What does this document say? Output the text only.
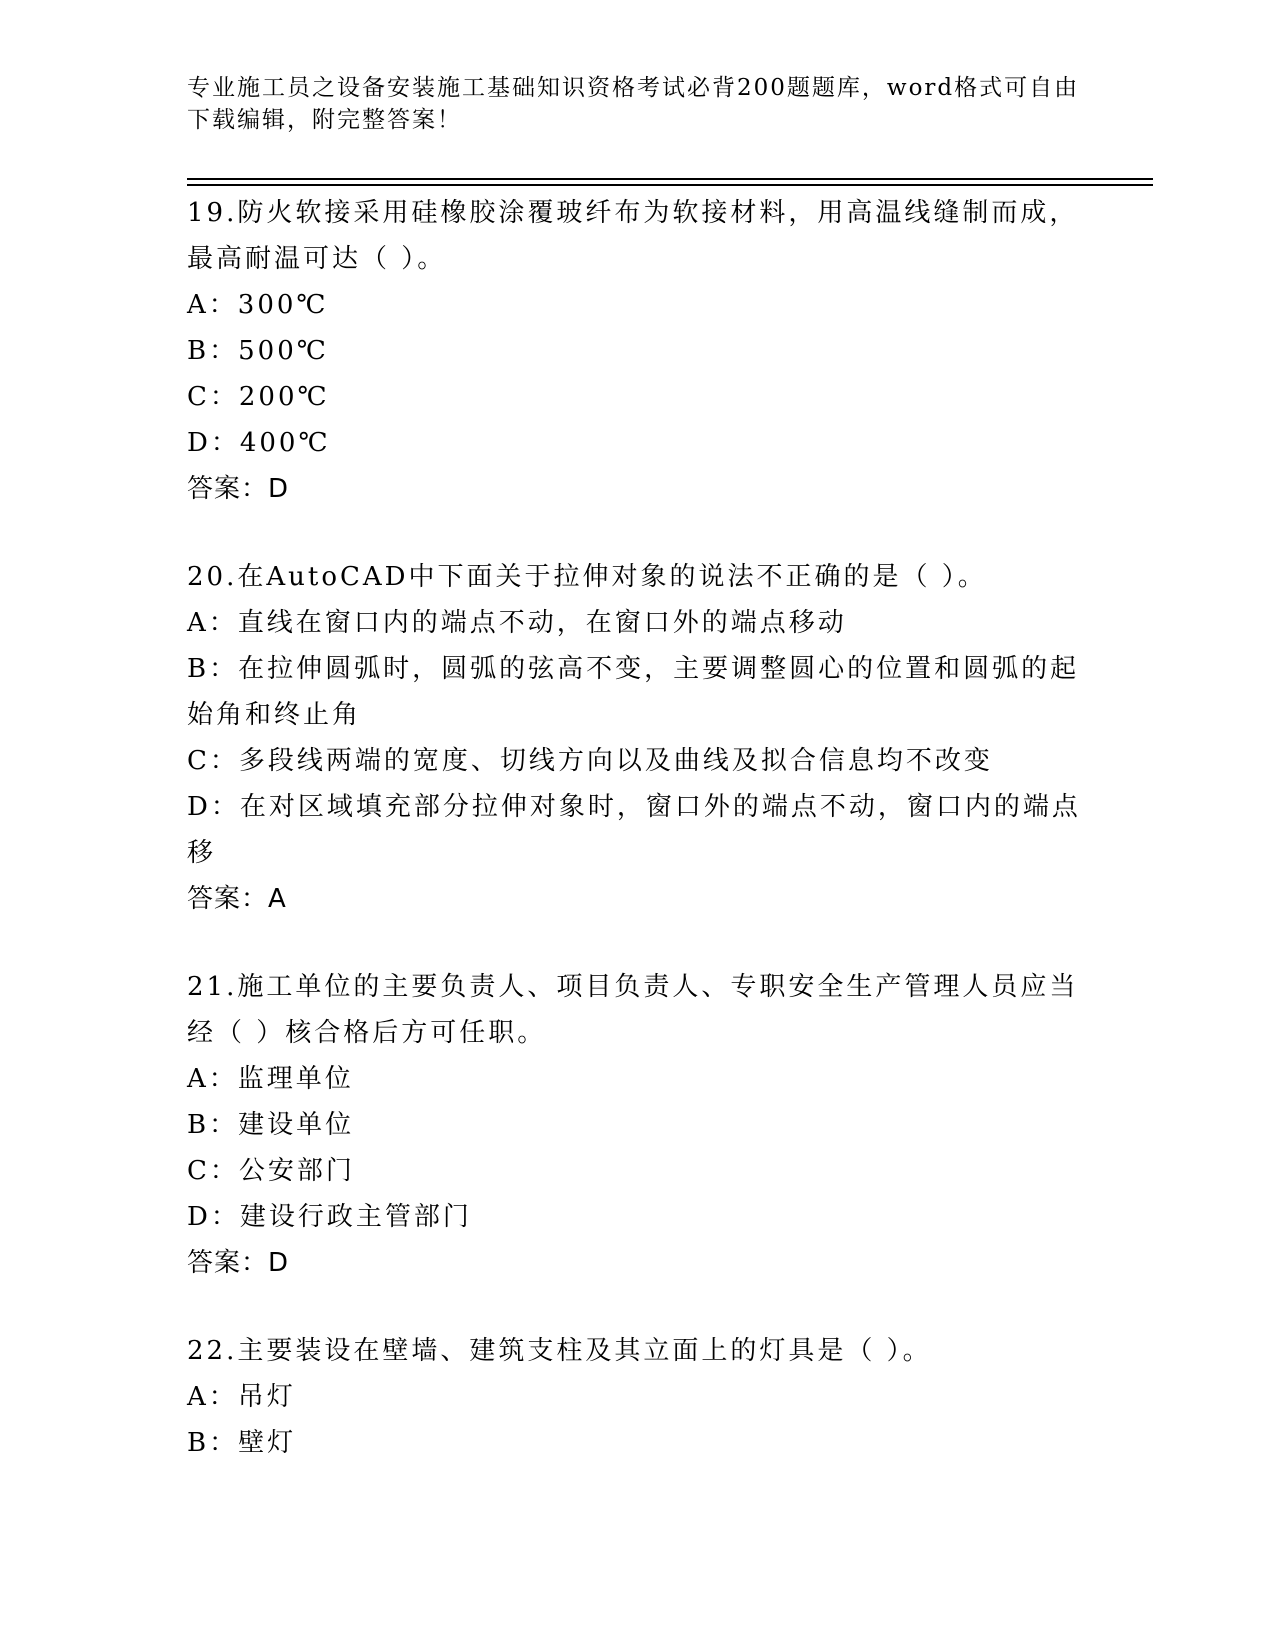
专业施工员之设备安装施工基础知识资格考试必背200题题库，word格式可自由
下载编辑，附完整答案！

19.防火软接采用硅橡胶涂覆玻纤布为软接材料，用高温线缝制而成，

最高耐温可达（ ）。

A：300℃

B：500℃

C：200℃

D：400℃

答案：D

20.在AutoCAD中下面关于拉伸对象的说法不正确的是（ ）。

A：直线在窗口内的端点不动，在窗口外的端点移动

B：在拉伸圆弧时，圆弧的弦高不变，主要调整圆心的位置和圆弧的起

始角和终止角

C：多段线两端的宽度、切线方向以及曲线及拟合信息均不改变

D：在对区域填充部分拉伸对象时，窗口外的端点不动，窗口内的端点

移

答案：A

21.施工单位的主要负责人、项目负责人、专职安全生产管理人员应当

经（ ）核合格后方可任职。

A：监理单位

B：建设单位

C：公安部门

D：建设行政主管部门

答案：D

22.主要装设在壁墙、建筑支柱及其立面上的灯具是（ ）。

A：吊灯

B：壁灯
